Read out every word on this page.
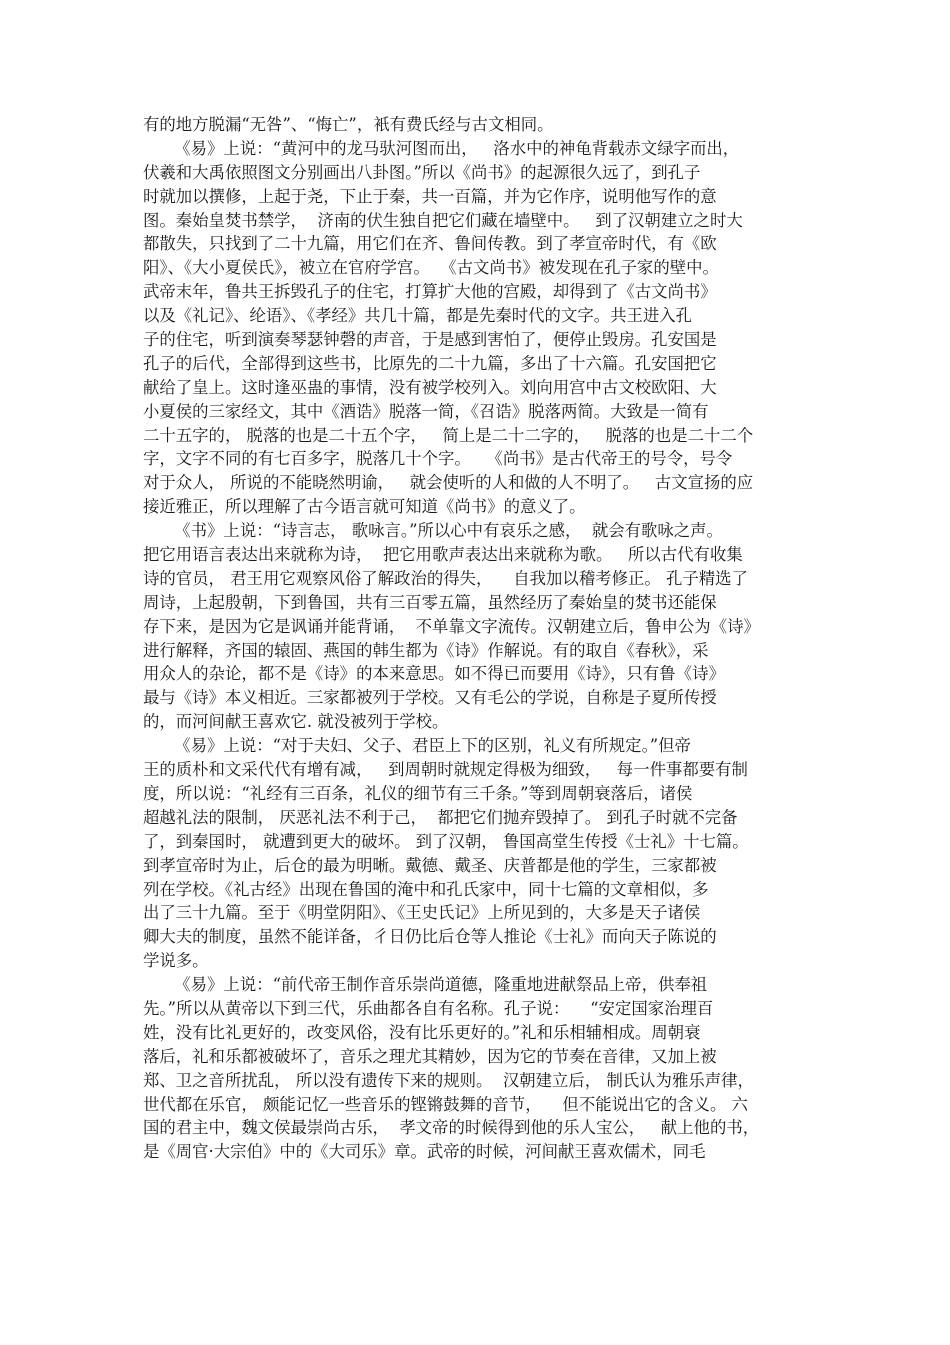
有的地方脱漏“无咎”、“悔亡”，衹有费氏经与古文相同。
《易》上说：“黄河中的龙马驮河图而出，   洛水中的神龟背载赤文绿字而出，
伏羲和大禹依照图文分别画出八卦图。”所以《尚书》的起源很久远了，到孔子
时就加以撰修，上起于尧，下止于秦，共一百篇，并为它作序，说明他写作的意
图。秦始皇焚书禁学，  济南的伏生独自把它们藏在墙壁中。   到了汉朝建立之时大
都散失，只找到了二十九篇，用它们在齐、鲁间传教。到了孝宣帝时代，有《欧
阳》、《大小夏侯氏》，被立在官府学宫。  《古文尚书》被发现在孔子家的壁中。
武帝末年，鲁共王拆毁孔子的住宅，打算扩大他的宫殿，却得到了《古文尚书》
以及《礼记》、纶语》、《孝经》共几十篇，都是先秦时代的文字。共王进入孔
子的住宅，听到演奏琴瑟钟磬的声音，于是感到害怕了，便停止毁房。孔安国是
孔子的后代，全部得到这些书，比原先的二十九篇，多出了十六篇。孔安国把它
献给了皇上。这时逢巫蛊的事情，没有被学校列入。刘向用宫中古文校欧阳、大
小夏侯的三家经文，其中《酒诰》脱落一简，《召诰》脱落两简。大致是一简有
二十五字的， 脱落的也是二十五个字，   简上是二十二字的，   脱落的也是二十二个
字，文字不同的有七百多字，脱落几十个字。   《尚书》是古代帝王的号令，号令
对于众人， 所说的不能晓然明谕，   就会使听的人和做的人不明了。   古文宣扬的应
接近雅正，所以理解了古今语言就可知道《尚书》的意义了。
《书》上说：“诗言志， 歌咏言。”所以心中有哀乐之感，  就会有歌咏之声。
把它用语言表达出来就称为诗，  把它用歌声表达出来就称为歌。   所以古代有收集
诗的官员， 君王用它观察风俗了解政治的得失，    自我加以稽考修正。 孔子精选了
周诗，上起殷朝，下到鲁国，共有三百零五篇，虽然经历了秦始皇的焚书还能保
存下来，是因为它是讽诵并能背诵，  不单靠文字流传。汉朝建立后，鲁申公为《诗》
进行解释，齐国的辕固、燕国的韩生都为《诗》作解说。有的取自《春秋》，采
用众人的杂论，都不是《诗》的本来意思。如不得已而要用《诗》，只有鲁《诗》
最与《诗》本义相近。三家都被列于学校。又有毛公的学说，自称是子夏所传授
的，而河间献王喜欢它. 就没被列于学校。
《易》上说：“对于夫妇、父子、君臣上下的区别，礼义有所规定。”但帝
王的质朴和文采代代有增有减，   到周朝时就规定得极为细致，   每一件事都要有制
度，所以说：“礼经有三百条，礼仪的细节有三千条。”等到周朝衰落后，诸侯
超越礼法的限制， 厌恶礼法不利于己，  都把它们抛弃毁掉了。 到孔子时就不完备
了，到秦国时， 就遭到更大的破坏。 到了汉朝， 鲁国高堂生传授《士礼》十七篇。
到孝宣帝时为止，后仓的最为明晰。戴德、戴圣、庆普都是他的学生，三家都被
列在学校。《礼古经》出现在鲁国的淹中和孔氏家中，同十七篇的文章相似，多
出了三十九篇。至于《明堂阴阳》、《王史氏记》上所见到的，大多是天子诸侯
卿大夫的制度，虽然不能详备，彳日仍比后仓等人推论《士礼》而向天子陈说的
学说多。
《易》上说：“前代帝王制作音乐崇尚道德，隆重地进献祭品上帝，供奉祖
先。”所以从黄帝以下到三代，乐曲都各自有名称。孔子说：    “安定国家治理百
姓，没有比礼更好的，改变风俗，没有比乐更好的。”礼和乐相辅相成。周朝衰
落后，礼和乐都被破坏了，音乐之理尤其精妙，因为它的节奏在音律，又加上被
郑、卫之音所扰乱， 所以没有遗传下来的规则。  汉朝建立后， 制氏认为雅乐声律，
世代都在乐官， 颇能记忆一些音乐的铿锵鼓舞的音节，    但不能说出它的含义。 六
国的君主中，魏文侯最崇尚古乐，  孝文帝的时候得到他的乐人宝公，   献上他的书，
是《周官·大宗伯》中的《大司乐》章。武帝的时候，河间献王喜欢儒术，同毛
